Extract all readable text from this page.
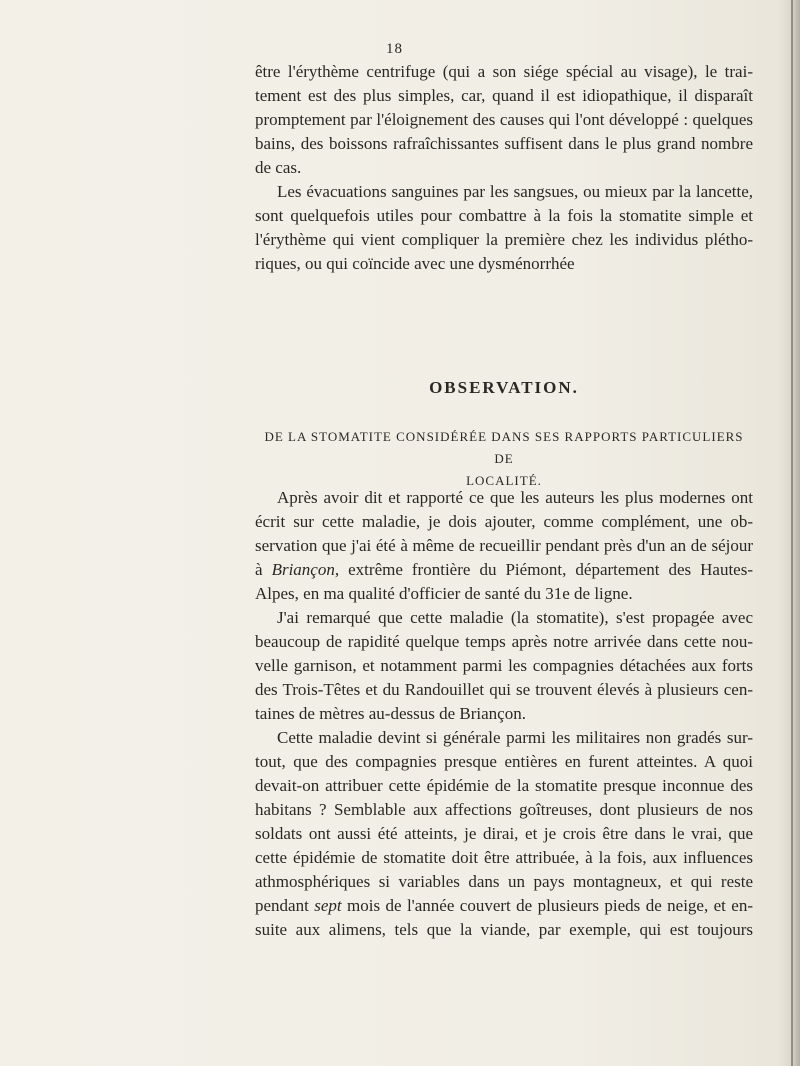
18
être l'érythème centrifuge (qui a son siége spécial au visage), le trai-
tement est des plus simples, car, quand il est idiopathique, il disparaît
promptement par l'éloignement des causes qui l'ont développé : quelques
bains, des boissons rafraîchissantes suffisent dans le plus grand nombre
de cas.
Les évacuations sanguines par les sangsues, ou mieux par la lancette,
sont quelquefois utiles pour combattre à la fois la stomatite simple et
l'érythème qui vient compliquer la première chez les individus plétho-
riques, ou qui coïncide avec une dysménorrhée
OBSERVATION.
DE LA STOMATITE CONSIDÉRÉE DANS SES RAPPORTS PARTICULIERS DE
LOCALITÉ.
Après avoir dit et rapporté ce que les auteurs les plus modernes ont
écrit sur cette maladie, je dois ajouter, comme complément, une ob-
servation que j'ai été à même de recueillir pendant près d'un an de séjour
à Briançon, extrême frontière du Piémont, département des Hautes-
Alpes, en ma qualité d'officier de santé du 31e de ligne.
J'ai remarqué que cette maladie (la stomatite), s'est propagée avec
beaucoup de rapidité quelque temps après notre arrivée dans cette nou-
velle garnison, et notamment parmi les compagnies détachées aux forts
des Trois-Têtes et du Randouillet qui se trouvent élevés à plusieurs cen-
taines de mètres au-dessus de Briançon.
Cette maladie devint si générale parmi les militaires non gradés sur-
tout, que des compagnies presque entières en furent atteintes. A quoi
devait-on attribuer cette épidémie de la stomatite presque inconnue des
habitans ? Semblable aux affections goîtreuses, dont plusieurs de nos
soldats ont aussi été atteints, je dirai, et je crois être dans le vrai, que
cette épidémie de stomatite doit être attribuée, à la fois, aux influences
athmosphériques si variables dans un pays montagneux, et qui reste
pendant sept mois de l'année couvert de plusieurs pieds de neige, et en-
suite aux alimens, tels que la viande, par exemple, qui est toujours
